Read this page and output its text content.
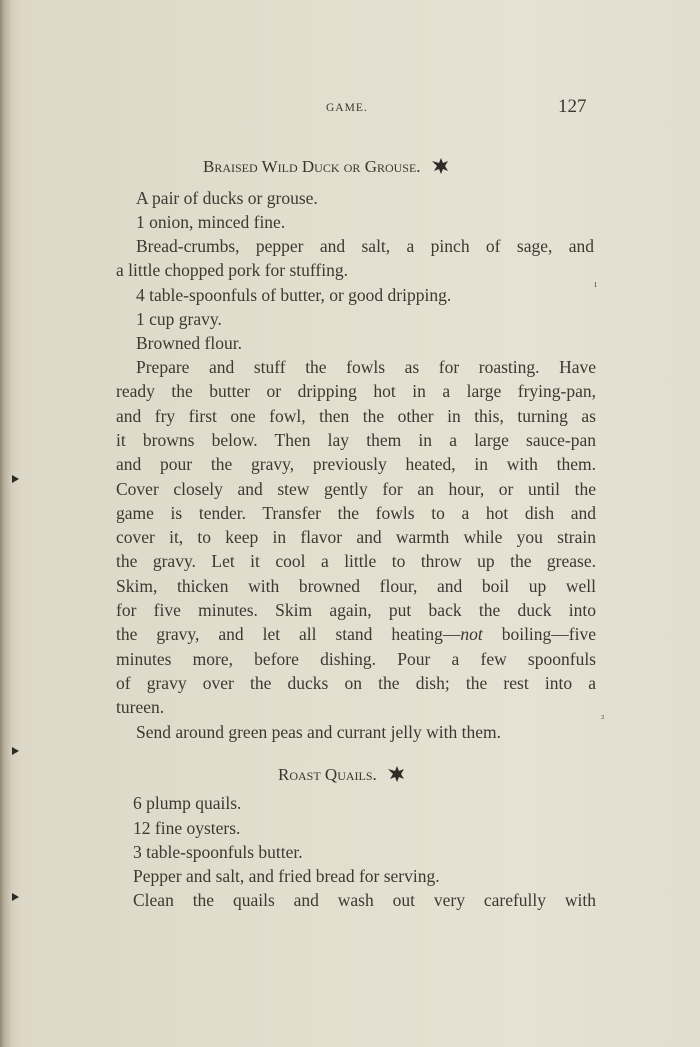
GAME.	127
Braised Wild Duck or Grouse.
A pair of ducks or grouse.
1 onion, minced fine.
Bread-crumbs, pepper and salt, a pinch of sage, and
a little chopped pork for stuffing.
4 table-spoonfuls of butter, or good dripping.
1 cup gravy.
Browned flour.
ı
Prepare and stuff the fowls as for roasting. Have
ready the butter or dripping hot in a large frying-pan,
and fry first one fowl, then the other in this, turning as
it browns below. Then lay them in a large sauce-pan
and pour the gravy, previously heated, in with them.
Cover closely and stew gently for an hour, or until the
game is tender. Transfer the fowls to a hot dish and
cover it, to keep in flavor and warmth while you strain
the gravy. Let it cool a little to throw up the grease.
Skim, thicken with browned flour, and boil up well
for five minutes. Skim again, put back the duck into
the gravy, and let all stand heating—not boiling—five
minutes more, before dishing. Pour a few spoonfuls
of gravy over the ducks on the dish; the rest into a
tureen.
Send around green peas and currant jelly with them.
²
Roast Quails.
6 plump quails.
12 fine oysters.
3 table-spoonfuls butter.
Pepper and salt, and fried bread for serving.
Clean the quails and wash out very carefully with
